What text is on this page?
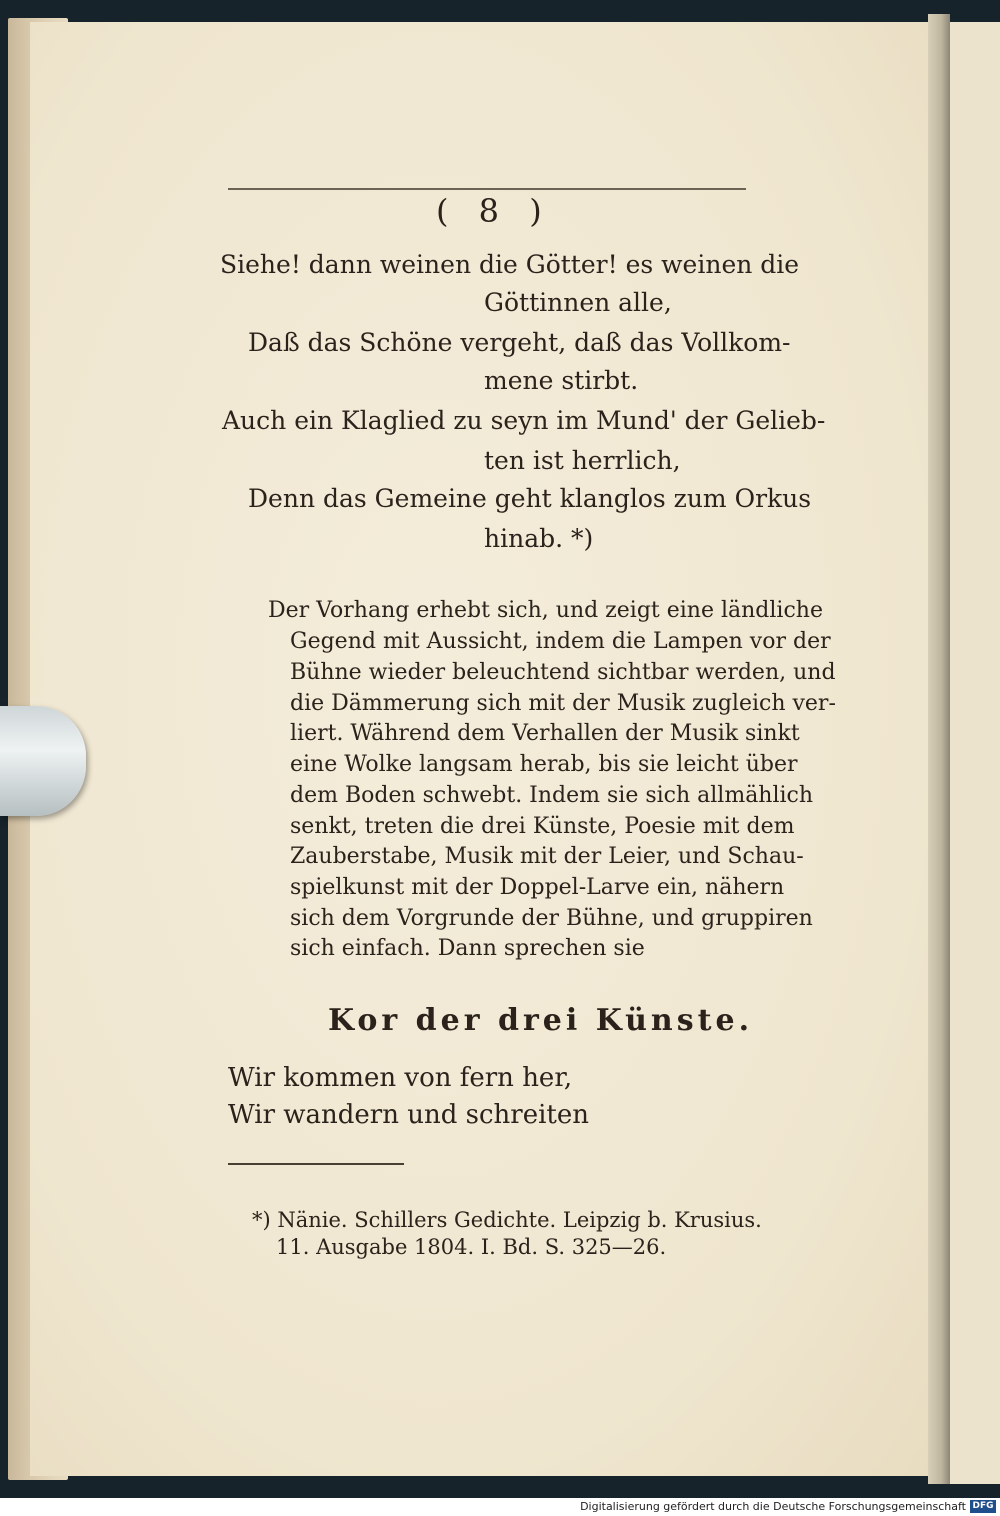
( 8 )
Siehe! dann weinen die Götter! es weinen die
Göttinnen alle,
Daß das Schöne vergeht, daß das Vollkom-
mene stirbt.
Auch ein Klaglied zu seyn im Mund' der Gelieb-
ten ist herrlich,
Denn das Gemeine geht klanglos zum Orkus
hinab. *)
Der Vorhang erhebt sich, und zeigt eine ländliche
Gegend mit Aussicht, indem die Lampen vor der
Bühne wieder beleuchtend sichtbar werden, und
die Dämmerung sich mit der Musik zugleich ver-
liert. Während dem Verhallen der Musik sinkt
eine Wolke langsam herab, bis sie leicht über
dem Boden schwebt. Indem sie sich allmählich
senkt, treten die drei Künste, Poesie mit dem
Zauberstabe, Musik mit der Leier, und Schau-
spielkunst mit der Doppel-Larve ein, nähern
sich dem Vorgrunde der Bühne, und gruppiren
sich einfach. Dann sprechen sie
Kor der drei Künste.
Wir kommen von fern her,
Wir wandern und schreiten
*) Nänie. Schillers Gedichte. Leipzig b. Krusius.
11. Ausgabe 1804. I. Bd. S. 325—26.
Digitalisierung gefördert durch die Deutsche Forschungsgemeinschaft DFG
